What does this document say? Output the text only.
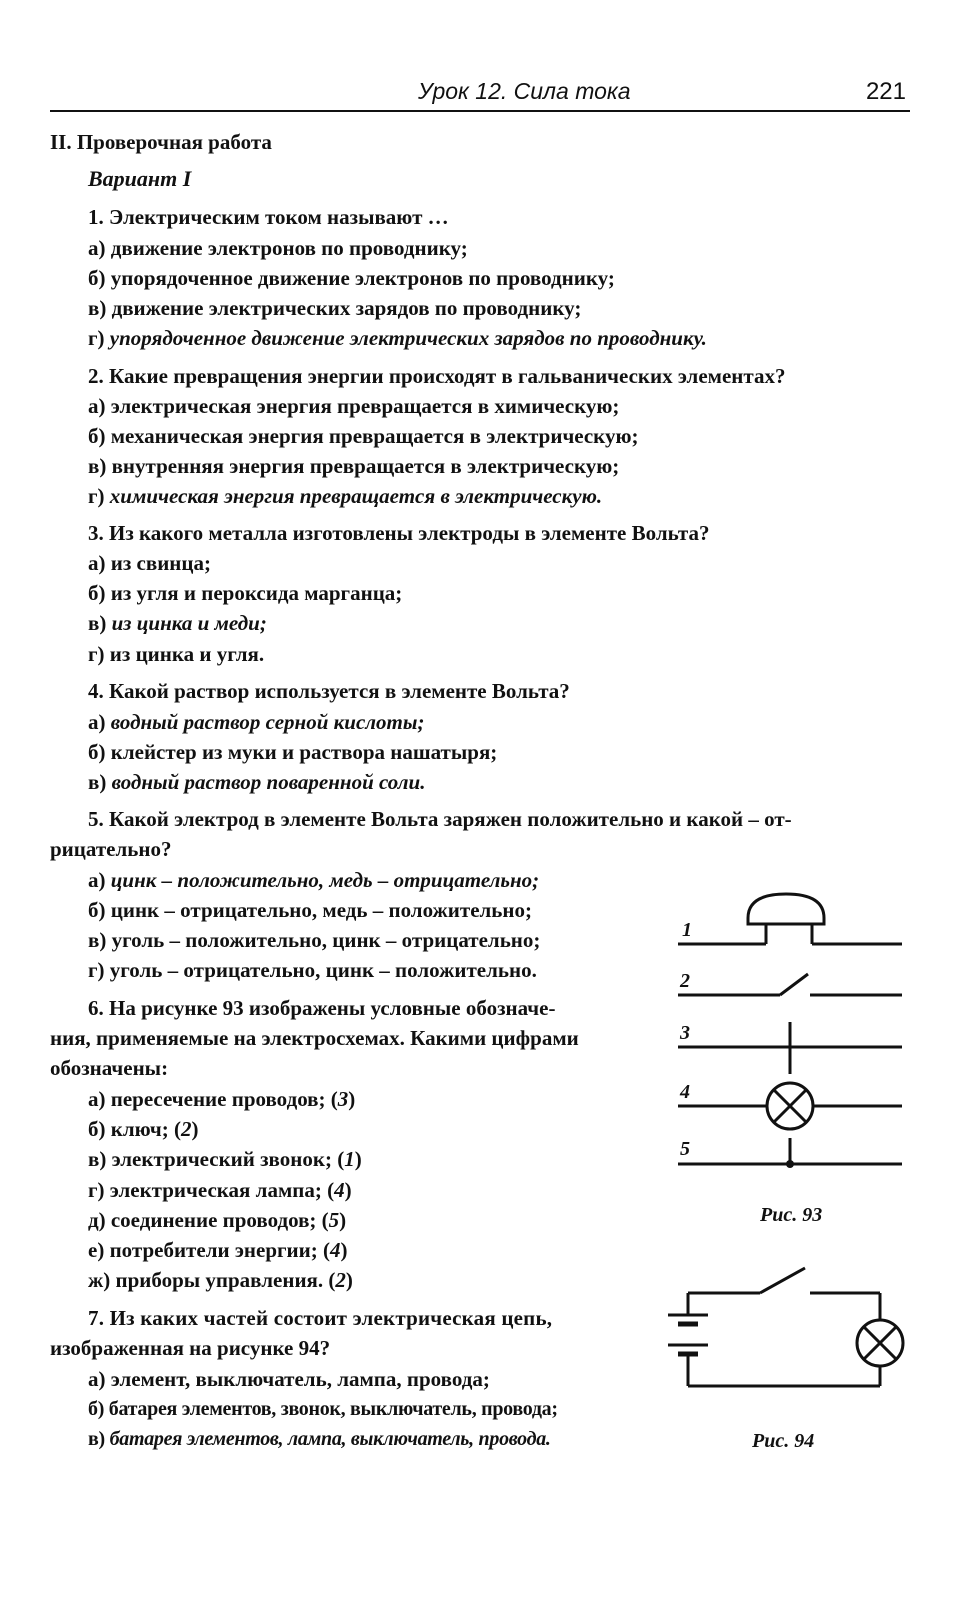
Урок 12. Сила тока	221
II. Проверочная работа
Вариант I
1. Электрическим током называют …
а) движение электронов по проводнику;
б) упорядоченное движение электронов по проводнику;
в) движение электрических зарядов по проводнику;
г) упорядоченное движение электрических зарядов по проводнику.
2. Какие превращения энергии происходят в гальванических элементах?
а) электрическая энергия превращается в химическую;
б) механическая энергия превращается в электрическую;
в) внутренняя энергия превращается в электрическую;
г) химическая энергия превращается в электрическую.
3. Из какого металла изготовлены электроды в элементе Вольта?
а) из свинца;
б) из угля и пероксида марганца;
в) из цинка и меди;
г) из цинка и угля.
4. Какой раствор используется в элементе Вольта?
а) водный раствор серной кислоты;
б) клейстер из муки и раствора нашатыря;
в) водный раствор поваренной соли.
5. Какой электрод в элементе Вольта заряжен положительно и какой – от-
рицательно?
а) цинк – положительно, медь – отрицательно;
б) цинк – отрицательно, медь – положительно;
в) уголь – положительно, цинк – отрицательно;
г) уголь – отрицательно, цинк – положительно.
6. На рисунке 93 изображены условные обозначе-
ния, применяемые на электросхемах. Какими цифрами
обозначены:
а) пересечение проводов; (3)
б) ключ; (2)
в) электрический звонок; (1)
г) электрическая лампа; (4)
д) соединение проводов; (5)
е) потребители энергии; (4)
ж) приборы управления. (2)
7. Из каких частей состоит электрическая цепь,
изображенная на рисунке 94?
а) элемент, выключатель, лампа, провода;
б) батарея элементов, звонок, выключатель, провода;
в) батарея элементов, лампа, выключатель, провода.
1
2
3
4
5
Рис. 93
Рис. 94
